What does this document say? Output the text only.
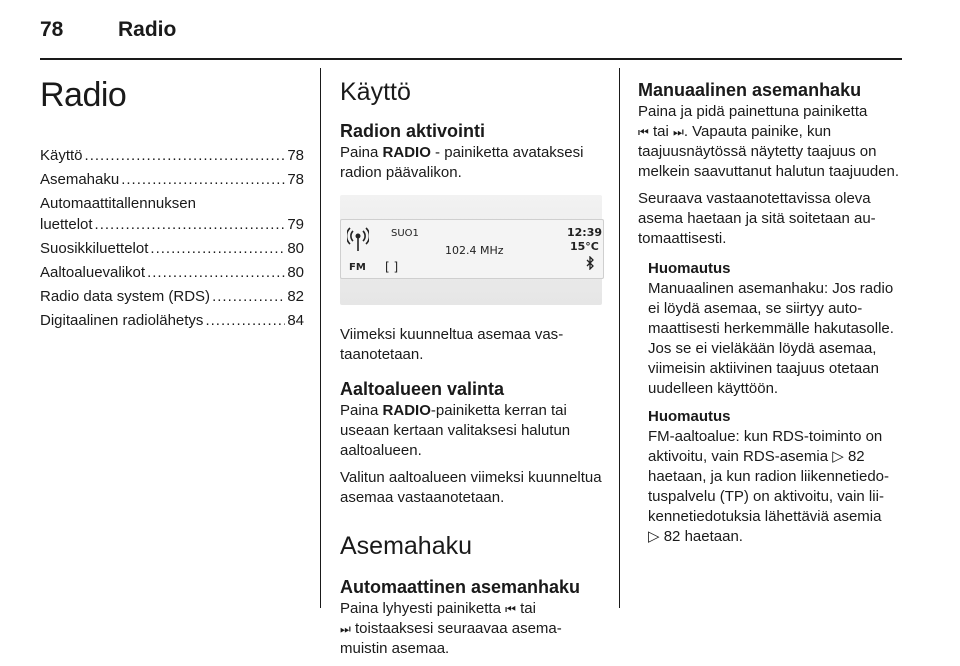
78	Radio
Radio
Käyttö .....	78
Asemahaku .....	78
Automaattitallennuksen
luettelot .....	79
Suosikkiluettelot .....	80
Aaltoaluevalikot .....	80
Radio data system (RDS) .....	82
Digitaalinen radiolähetys .....	84
Käyttö
Radion aktivointi

Paina RADIO - painiketta avataksesi radion päävalikon.

FM
SUO1
[ ]
102.4 MHz
12:39
15°C

Viimeksi kuunneltua asemaa vastaanotetaan.

Aaltoalueen valinta

Paina RADIO-painiketta kerran tai useaan kertaan valitaksesi halutun aaltoalueen.

Valitun aaltoalueen viimeksi kuunneltua asemaa vastaanotetaan.

Asemahaku
Automaattinen asemanhaku

Paina lyhyesti painiketta ⏮ tai
⏭ toistaaksesi seuraavaa asemamuistin asemaa.

Manuaalinen asemanhaku

Paina ja pidä painettuna painiketta
⏮ tai ⏭. Vapauta painike, kun taajuusnäytössä näytetty taajuus on melkein saavuttanut halutun taajuuden.

Seuraava vastaanotettavissa oleva asema haetaan ja sitä soitetaan automaattisesti.

Huomautus

Manuaalinen asemanhaku: Jos radio ei löydä asemaa, se siirtyy automaattisesti herkemmälle hakutasolle. Jos se ei vieläkään löydä asemaa, viimeisin aktiivinen taajuus otetaan uudelleen käyttöön.

Huomautus

FM-aaltoalue: kun RDS-toiminto on aktivoitu, vain RDS-asemia ▷ 82 haetaan, ja kun radion liikennetiedotuspalvelu (TP) on aktivoitu, vain liikennetiedotuksia lähettäviä asemia
▷ 82 haetaan.
